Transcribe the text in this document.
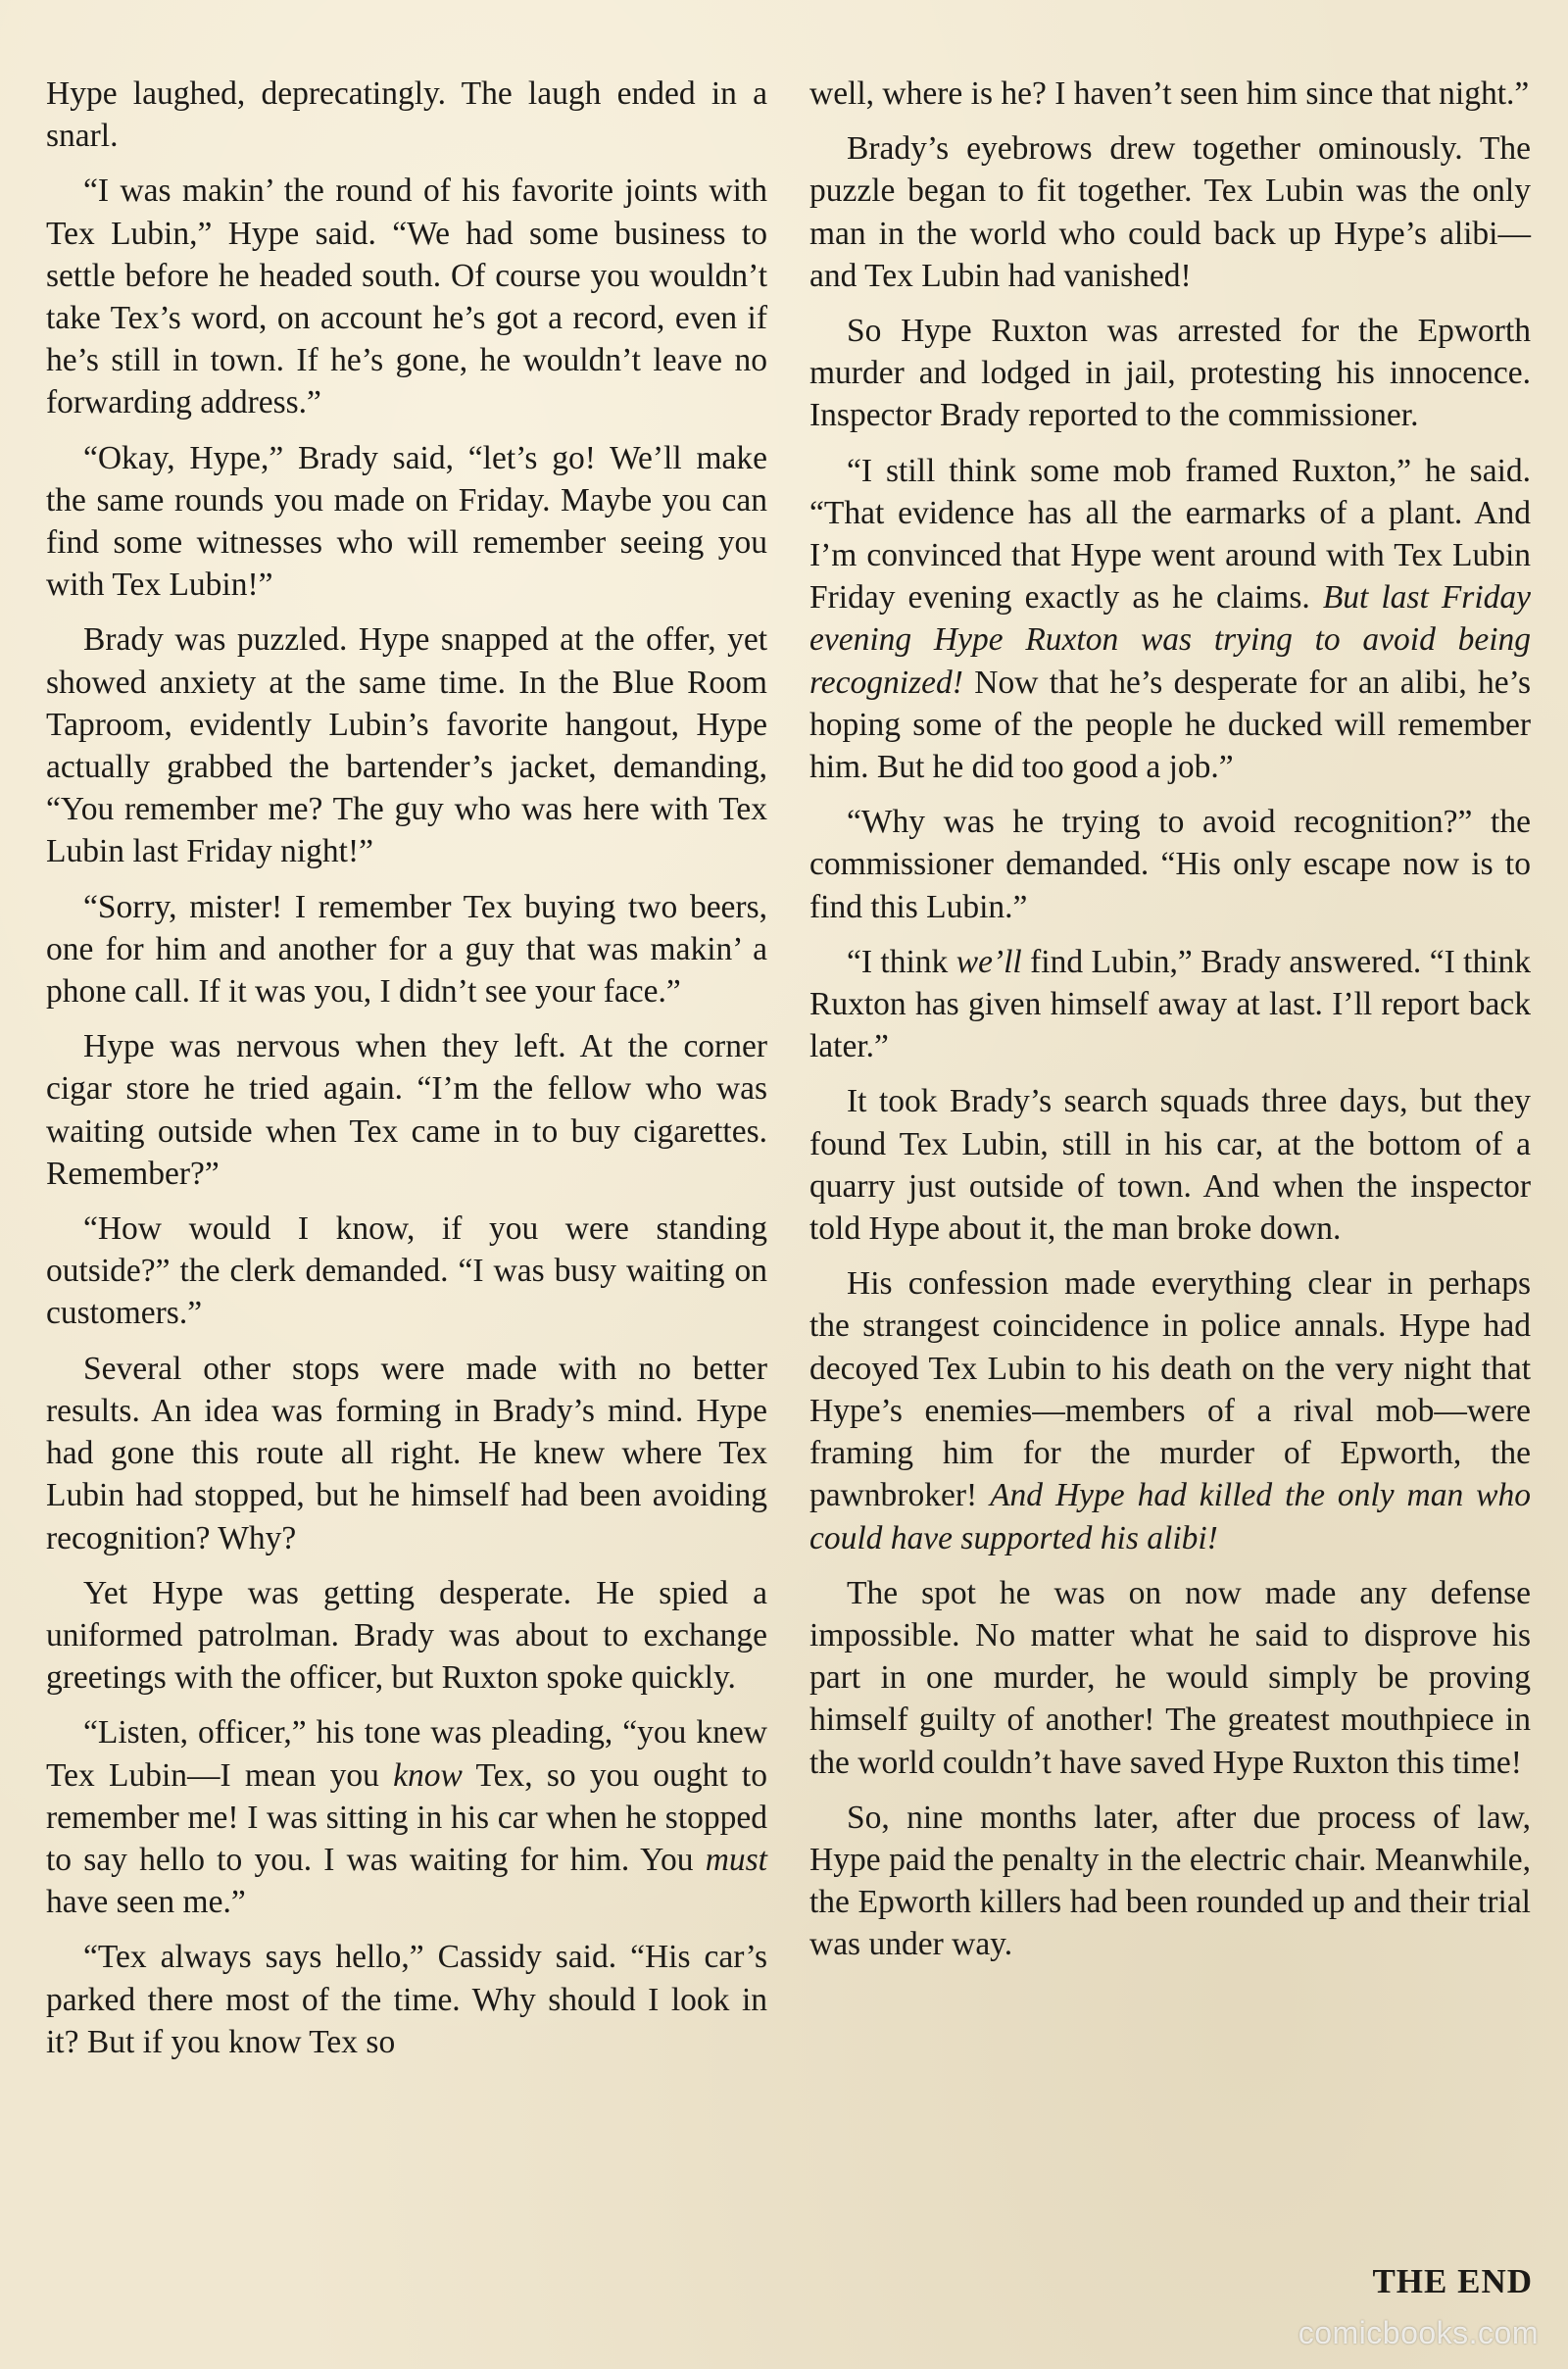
Hype laughed, deprecatingly. The laugh ended in a snarl.

“I was makin’ the round of his favorite joints with Tex Lubin,” Hype said. “We had some business to settle before he headed south. Of course you wouldn’t take Tex’s word, on account he’s got a record, even if he’s still in town. If he’s gone, he wouldn’t leave no forwarding address.”

“Okay, Hype,” Brady said, “let’s go! We’ll make the same rounds you made on Friday. Maybe you can find some witnesses who will remember seeing you with Tex Lubin!”

Brady was puzzled. Hype snapped at the offer, yet showed anxiety at the same time. In the Blue Room Taproom, evidently Lubin’s favorite hangout, Hype actually grabbed the bartender’s jacket, demanding, “You remember me? The guy who was here with Tex Lubin last Friday night!”

“Sorry, mister! I remember Tex buying two beers, one for him and another for a guy that was makin’ a phone call. If it was you, I didn’t see your face.”

Hype was nervous when they left. At the corner cigar store he tried again. “I’m the fellow who was waiting outside when Tex came in to buy cigarettes. Remember?”

“How would I know, if you were standing outside?” the clerk demanded. “I was busy waiting on customers.”

Several other stops were made with no better results. An idea was forming in Brady’s mind. Hype had gone this route all right. He knew where Tex Lubin had stopped, but he himself had been avoiding recognition? Why?

Yet Hype was getting desperate. He spied a uniformed patrolman. Brady was about to exchange greetings with the officer, but Ruxton spoke quickly.

“Listen, officer,” his tone was pleading, “you knew Tex Lubin—I mean you know Tex, so you ought to remember me! I was sitting in his car when he stopped to say hello to you. I was waiting for him. You must have seen me.”

“Tex always says hello,” Cassidy said. “His car’s parked there most of the time. Why should I look in it? But if you know Tex so

well, where is he? I haven’t seen him since that night.”

Brady’s eyebrows drew together ominously. The puzzle began to fit together. Tex Lubin was the only man in the world who could back up Hype’s alibi—and Tex Lubin had vanished!

So Hype Ruxton was arrested for the Epworth murder and lodged in jail, protesting his innocence. Inspector Brady reported to the commissioner.

“I still think some mob framed Ruxton,” he said. “That evidence has all the earmarks of a plant. And I’m convinced that Hype went around with Tex Lubin Friday evening exactly as he claims. But last Friday evening Hype Ruxton was trying to avoid being recognized! Now that he’s desperate for an alibi, he’s hoping some of the people he ducked will remember him. But he did too good a job.”

“Why was he trying to avoid recognition?” the commissioner demanded. “His only escape now is to find this Lubin.”

“I think we’ll find Lubin,” Brady answered. “I think Ruxton has given himself away at last. I’ll report back later.”

It took Brady’s search squads three days, but they found Tex Lubin, still in his car, at the bottom of a quarry just outside of town. And when the inspector told Hype about it, the man broke down.

His confession made everything clear in perhaps the strangest coincidence in police annals. Hype had decoyed Tex Lubin to his death on the very night that Hype’s enemies—members of a rival mob—were framing him for the murder of Epworth, the pawnbroker! And Hype had killed the only man who could have supported his alibi!

The spot he was on now made any defense impossible. No matter what he said to disprove his part in one murder, he would simply be proving himself guilty of another! The greatest mouthpiece in the world couldn’t have saved Hype Ruxton this time!

So, nine months later, after due process of law, Hype paid the penalty in the electric chair. Meanwhile, the Epworth killers had been rounded up and their trial was under way.

THE END
comicbooks.com
